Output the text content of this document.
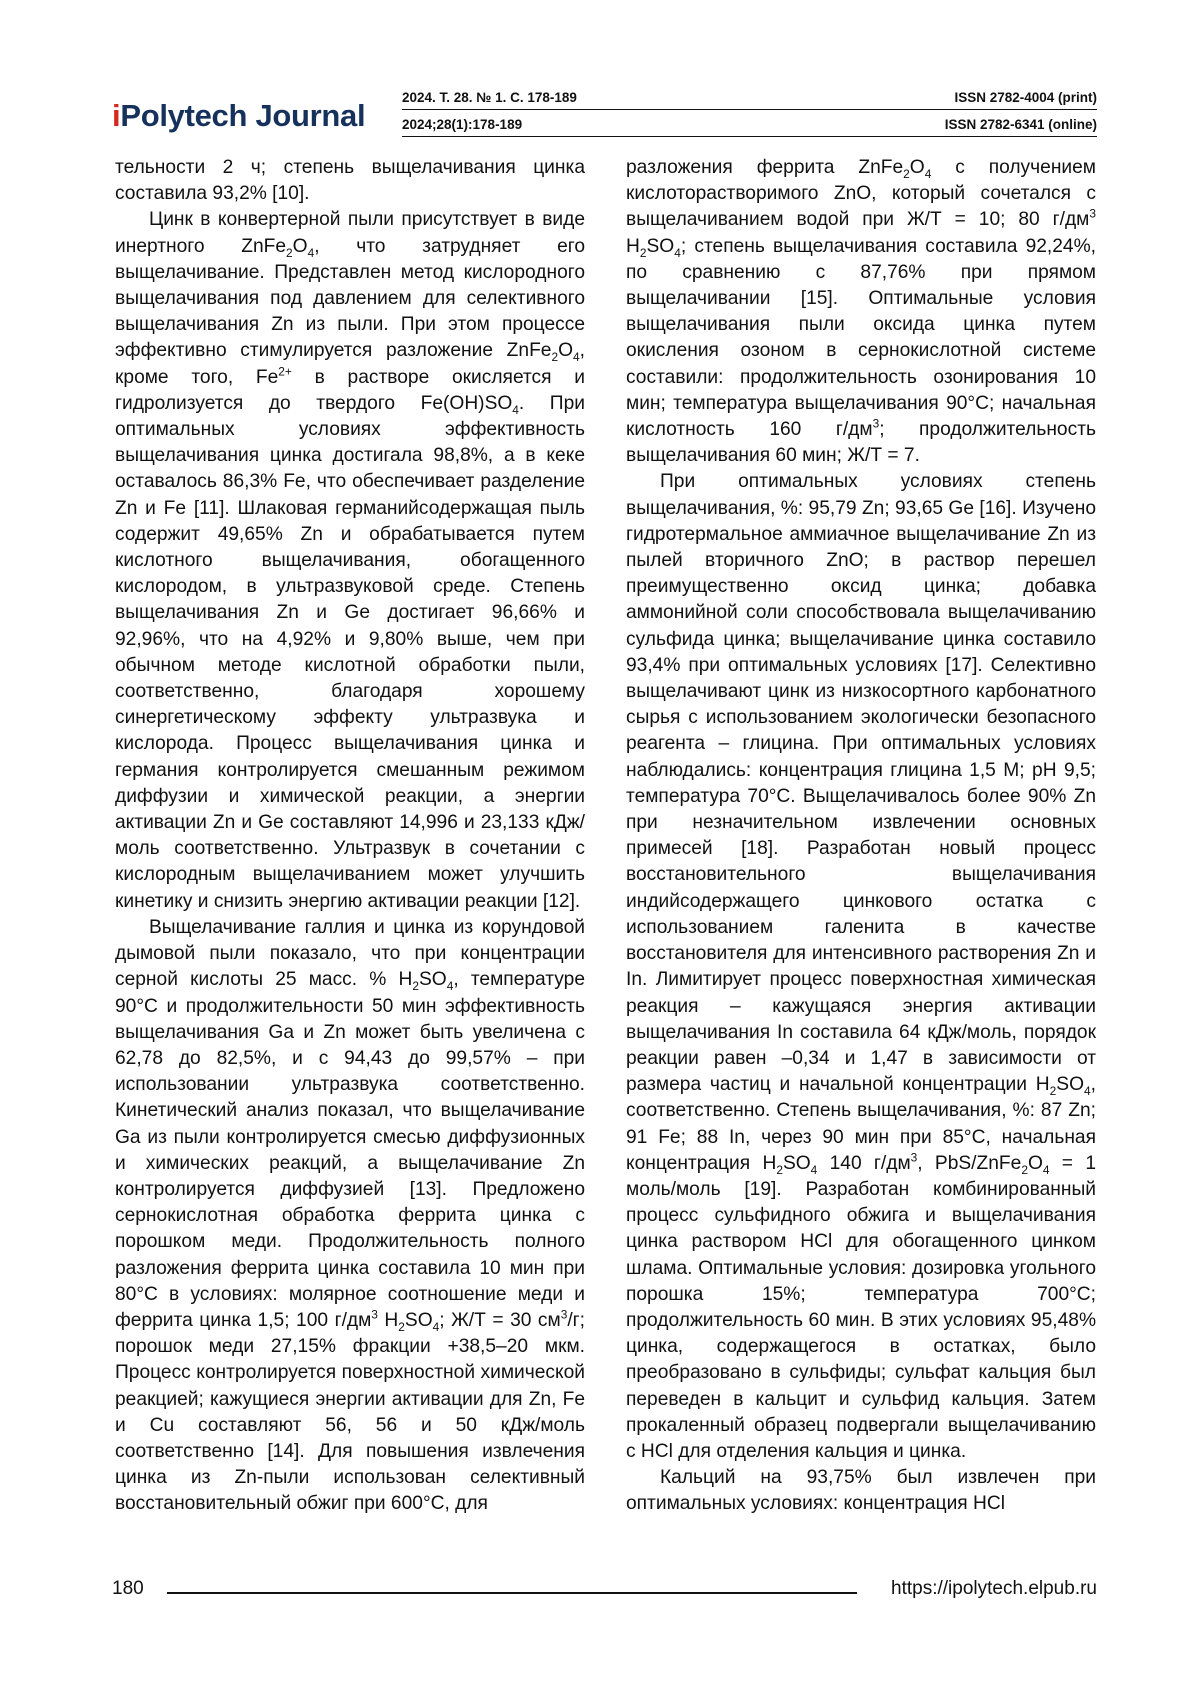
iPolytech Journal
2024. Т. 28. № 1. С. 178-189
2024;28(1):178-189
ISSN 2782-4004 (print)
ISSN 2782-6341 (online)

тельности 2 ч; степень выщелачивания цинка составила 93,2% [10].

Цинк в конвертерной пыли присутствует в виде инертного $ZnFe_2O_4$, что затрудняет его выщелачивание. Представлен метод кислородного выщелачивания под давлением для селективного выщелачивания Zn из пыли. При этом процессе эффективно стимулируется разложение $ZnFe_2O_4$, кроме того, $Fe^{2+}$ в растворе окисляется и гидролизуется до твердого $Fe(OH)SO_4$. При оптимальных условиях эффективность выщелачивания цинка достигала 98,8%, а в кеке оставалось 86,3% Fe, что обеспечивает разделение Zn и Fe [11]. Шлаковая германийсодержащая пыль содержит 49,65% Zn и обрабатывается путем кислотного выщелачивания, обогащенного кислородом, в ультразвуковой среде. Степень выщелачивания Zn и Ge достигает 96,66% и 92,96%, что на 4,92% и 9,80% выше, чем при обычном методе кислотной обработки пыли, соответственно, благодаря хорошему синергетическому эффекту ультразвука и кислорода. Процесс выщелачивания цинка и германия контролируется смешанным режимом диффузии и химической реакции, а энергии активации Zn и Ge составляют 14,996 и 23,133 кДж/моль соответственно. Ультразвук в сочетании с кислородным выщелачиванием может улучшить кинетику и снизить энергию активации реакции [12].

Выщелачивание галлия и цинка из корундовой дымовой пыли показало, что при концентрации серной кислоты 25 масс. % $H_2SO_4$, температуре 90°С и продолжительности 50 мин эффективность выщелачивания Ga и Zn может быть увеличена с 62,78 до 82,5%, и с 94,43 до 99,57% – при использовании ультразвука соответственно. Кинетический анализ показал, что выщелачивание Ga из пыли контролируется смесью диффузионных и химических реакций, а выщелачивание Zn контролируется диффузией [13]. Предложено сернокислотная обработка феррита цинка с порошком меди. Продолжительность полного разложения феррита цинка составила 10 мин при 80°С в условиях: молярное соотношение меди и феррита цинка 1,5; 100 $г/дм^3$ $H_2SO_4$; Ж/Т = 30 $см^3/г$; порошок меди 27,15% фракции +38,5–20 мкм. Процесс контролируется поверхностной химической реакцией; кажущиеся энергии активации для Zn, Fe и Cu составляют 56, 56 и 50 кДж/моль соответственно [14]. Для повышения извлечения цинка из Zn-пыли использован селективный восстановительный обжиг при 600°С, для

разложения феррита $ZnFe_2O_4$ с получением кислоторастворимого ZnO, который сочетался с выщелачиванием водой при Ж/Т = 10; 80 $г/дм^3$ $H_2SO_4$; степень выщелачивания составила 92,24%, по сравнению с 87,76% при прямом выщелачивании [15]. Оптимальные условия выщелачивания пыли оксида цинка путем окисления озоном в сернокислотной системе составили: продолжительность озонирования 10 мин; температура выщелачивания 90°С; начальная кислотность 160 $г/дм^3$; продолжительность выщелачивания 60 мин; Ж/Т = 7.

При оптимальных условиях степень выщелачивания, %: 95,79 Zn; 93,65 Ge [16]. Изучено гидротермальное аммиачное выщелачивание Zn из пылей вторичного ZnO; в раствор перешел преимущественно оксид цинка; добавка аммонийной соли способствовала выщелачиванию сульфида цинка; выщелачивание цинка составило 93,4% при оптимальных условиях [17]. Селективно выщелачивают цинк из низкосортного карбонатного сырья с использованием экологически безопасного реагента – глицина. При оптимальных условиях наблюдались: концентрация глицина 1,5 М; pH 9,5; температура 70°С. Выщелачивалось более 90% Zn при незначительном извлечении основных примесей [18]. Разработан новый процесс восстановительного выщелачивания индийсодержащего цинкового остатка с использованием галенита в качестве восстановителя для интенсивного растворения Zn и In. Лимитирует процесс поверхностная химическая реакция – кажущаяся энергия активации выщелачивания In составила 64 кДж/моль, порядок реакции равен –0,34 и 1,47 в зависимости от размера частиц и начальной концентрации $H_2SO_4$, соответственно. Степень выщелачивания, %: 87 Zn; 91 Fe; 88 In, через 90 мин при 85°С, начальная концентрация $H_2SO_4$ 140 $г/дм^3$, PbS/$ZnFe_2O_4 = 1$ моль/моль [19]. Разработан комбинированный процесс сульфидного обжига и выщелачивания цинка раствором HCl для обогащенного цинком шлама. Оптимальные условия: дозировка угольного порошка 15%; температура 700°С; продолжительность 60 мин. В этих условиях 95,48% цинка, содержащегося в остатках, было преобразовано в сульфиды; сульфат кальция был переведен в кальцит и сульфид кальция. Затем прокаленный образец подвергали выщелачиванию с HCl для отделения кальция и цинка.

Кальций на 93,75% был извлечен при оптимальных условиях: концентрация HCl

180	https://ipolytech.elpub.ru
